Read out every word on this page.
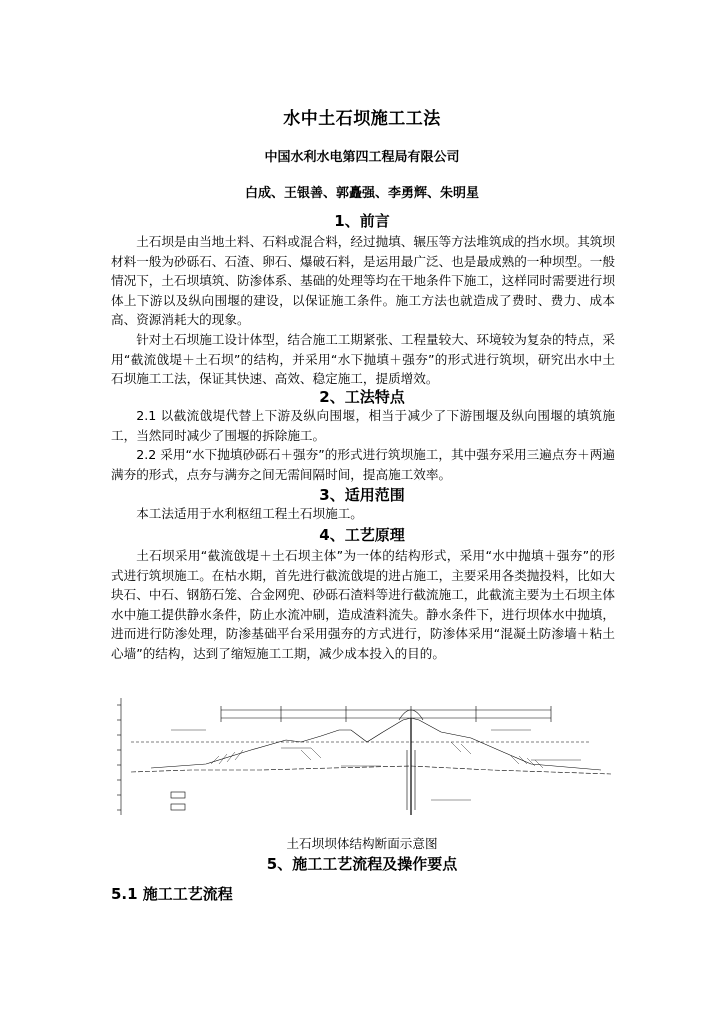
水中土石坝施工工法
中国水利水电第四工程局有限公司
白成、王银善、郭矗强、李勇辉、朱明星
1、前言

土石坝是由当地土料、石料或混合料，经过抛填、辗压等方法堆筑成的挡水坝。其筑坝材料一般为砂砾石、石渣、卵石、爆破石料，是运用最广泛、也是最成熟的一种坝型。一般情况下，土石坝填筑、防渗体系、基础的处理等均在干地条件下施工，这样同时需要进行坝体上下游以及纵向围堰的建设，以保证施工条件。施工方法也就造成了费时、费力、成本高、资源消耗大的现象。

针对土石坝施工设计体型，结合施工工期紧张、工程量较大、环境较为复杂的特点，采用“截流戗堤＋土石坝”的结构，并采用“水下抛填＋强夯”的形式进行筑坝，研究出水中土石坝施工工法，保证其快速、高效、稳定施工，提质增效。

2、工法特点

2.1 以截流戗堤代替上下游及纵向围堰，相当于减少了下游围堰及纵向围堰的填筑施工，当然同时减少了围堰的拆除施工。

2.2 采用“水下抛填砂砾石＋强夯”的形式进行筑坝施工，其中强夯采用三遍点夯＋两遍满夯的形式，点夯与满夯之间无需间隔时间，提高施工效率。

3、适用范围

本工法适用于水利枢纽工程土石坝施工。

4、工艺原理

土石坝采用“截流戗堤＋土石坝主体”为一体的结构形式，采用“水中抛填＋强夯”的形式进行筑坝施工。在枯水期，首先进行截流戗堤的进占施工，主要采用各类抛投料，比如大块石、中石、钢筋石笼、合金网兜、砂砾石渣料等进行截流施工，此截流主要为土石坝主体水中施工提供静水条件，防止水流冲刷，造成渣料流失。静水条件下，进行坝体水中抛填，进而进行防渗处理，防渗基础平台采用强夯的方式进行，防渗体采用“混凝土防渗墙＋粘土心墙”的结构，达到了缩短施工工期，减少成本投入的目的。

土石坝坝体结构断面示意图
5、施工工艺流程及操作要点
5.1 施工工艺流程
